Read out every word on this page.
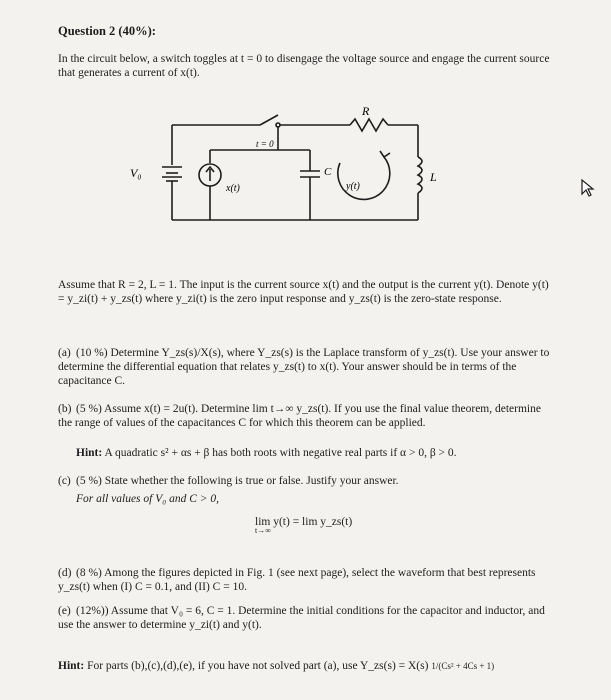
Question 2 (40%):
In the circuit below, a switch toggles at t = 0 to disengage the voltage source and engage the current source that generates a current of x(t).
R
L
C
V₀
t = 0
x(t)	y(t)
Assume that R = 2, L = 1. The input is the current source x(t) and the output is the current y(t). Denote y(t) = y_zi(t) + y_zs(t) where y_zi(t) is the zero input response and y_zs(t) is the zero-state response.
(a) (10 %) Determine Y_zs(s)/X(s), where Y_zs(s) is the Laplace transform of y_zs(t). Use your answer to determine the differential equation that relates y_zs(t) to x(t). Your answer should be in terms of the capacitance C.
(b) (5 %) Assume x(t) = 2u(t). Determine lim t→∞ y_zs(t). If you use the final value theorem, determine the range of values of the capacitances C for which this theorem can be applied.
Hint: A quadratic s² + αs + β has both roots with negative real parts if α > 0, β > 0.
(c) (5 %) State whether the following is true or false. Justify your answer.
For all values of V₀ and C > 0,
lim y(t) = lim y_zs(t)
t→∞
(d) (8 %) Among the figures depicted in Fig. 1 (see next page), select the waveform that best represents y_zs(t) when (I) C = 0.1, and (II) C = 10.
(e) (12%)) Assume that V₀ = 6, C = 1. Determine the initial conditions for the capacitor and inductor, and use the answer to determine y_zi(t) and y(t).
Hint: For parts (b),(c),(d),(e), if you have not solved part (a), use Y_zs(s) = X(s) 1/(Cs² + 4Cs + 1)
